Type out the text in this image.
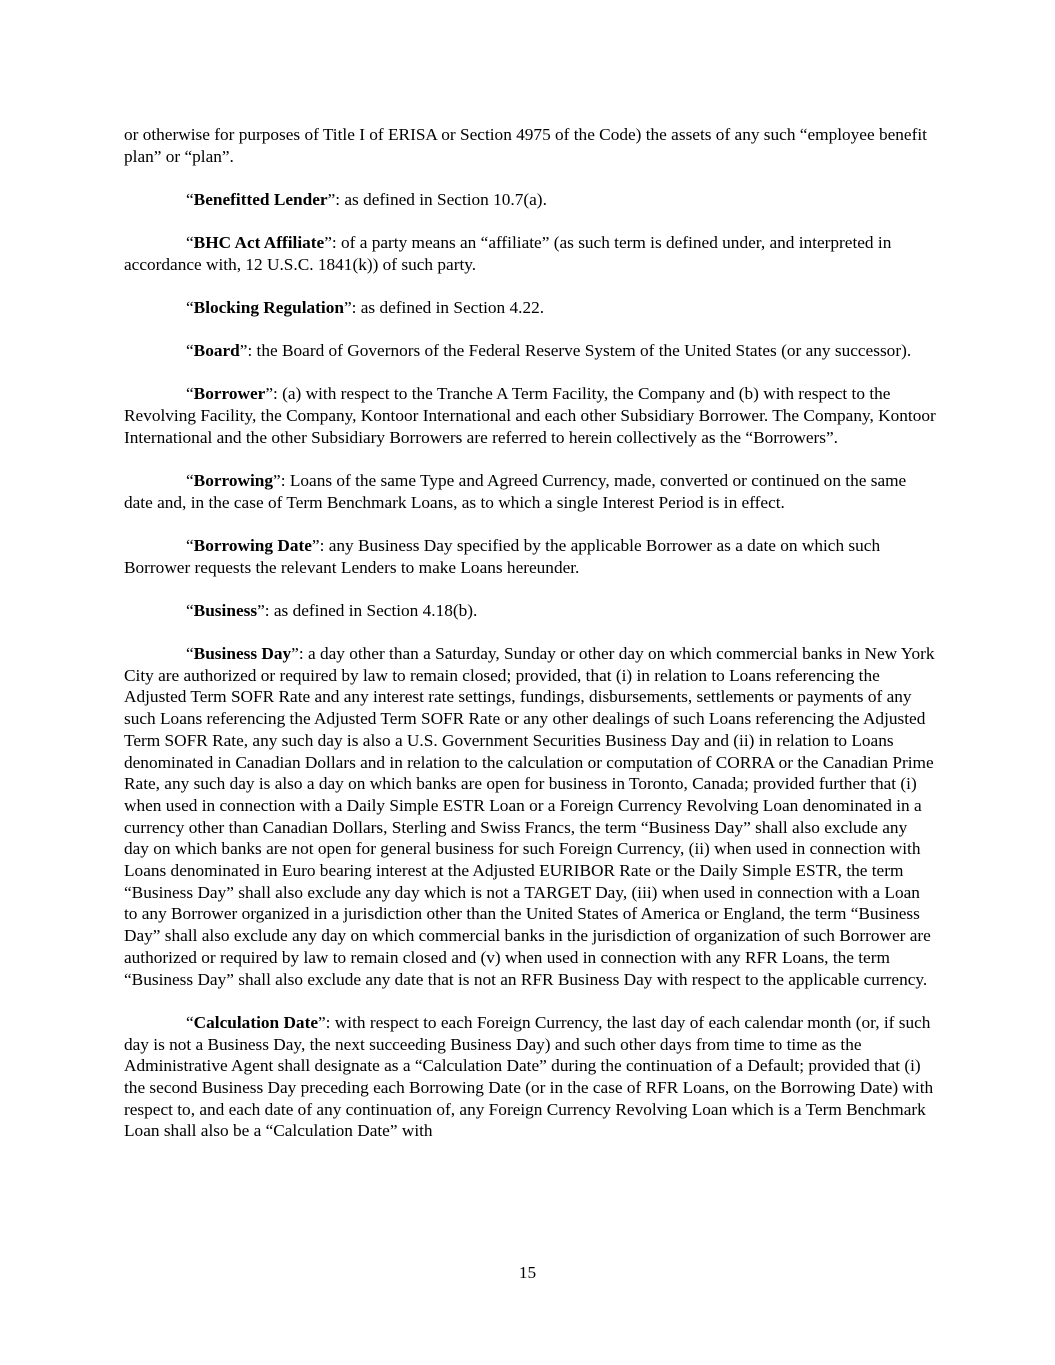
or otherwise for purposes of Title I of ERISA or Section 4975 of the Code) the assets of any such “employee benefit plan” or “plan”.

“Benefitted Lender”: as defined in Section 10.7(a).

“BHC Act Affiliate”: of a party means an “affiliate” (as such term is defined under, and interpreted in accordance with, 12 U.S.C. 1841(k)) of such party.

“Blocking Regulation”: as defined in Section 4.22.

“Board”: the Board of Governors of the Federal Reserve System of the United States (or any successor).

“Borrower”: (a) with respect to the Tranche A Term Facility, the Company and (b) with respect to the Revolving Facility, the Company, Kontoor International and each other Subsidiary Borrower. The Company, Kontoor International and the other Subsidiary Borrowers are referred to herein collectively as the “Borrowers”.

“Borrowing”: Loans of the same Type and Agreed Currency, made, converted or continued on the same date and, in the case of Term Benchmark Loans, as to which a single Interest Period is in effect.

“Borrowing Date”: any Business Day specified by the applicable Borrower as a date on which such Borrower requests the relevant Lenders to make Loans hereunder.

“Business”: as defined in Section 4.18(b).

“Business Day”: a day other than a Saturday, Sunday or other day on which commercial banks in New York City are authorized or required by law to remain closed; provided, that (i) in relation to Loans referencing the Adjusted Term SOFR Rate and any interest rate settings, fundings, disbursements, settlements or payments of any such Loans referencing the Adjusted Term SOFR Rate or any other dealings of such Loans referencing the Adjusted Term SOFR Rate, any such day is also a U.S. Government Securities Business Day and (ii) in relation to Loans denominated in Canadian Dollars and in relation to the calculation or computation of CORRA or the Canadian Prime Rate, any such day is also a day on which banks are open for business in Toronto, Canada; provided further that (i) when used in connection with a Daily Simple ESTR Loan or a Foreign Currency Revolving Loan denominated in a currency other than Canadian Dollars, Sterling and Swiss Francs, the term “Business Day” shall also exclude any day on which banks are not open for general business for such Foreign Currency, (ii) when used in connection with Loans denominated in Euro bearing interest at the Adjusted EURIBOR Rate or the Daily Simple ESTR, the term “Business Day” shall also exclude any day which is not a TARGET Day, (iii) when used in connection with a Loan to any Borrower organized in a jurisdiction other than the United States of America or England, the term “Business Day” shall also exclude any day on which commercial banks in the jurisdiction of organization of such Borrower are authorized or required by law to remain closed and (v) when used in connection with any RFR Loans, the term “Business Day” shall also exclude any date that is not an RFR Business Day with respect to the applicable currency.

“Calculation Date”: with respect to each Foreign Currency, the last day of each calendar month (or, if such day is not a Business Day, the next succeeding Business Day) and such other days from time to time as the Administrative Agent shall designate as a “Calculation Date” during the continuation of a Default; provided that (i) the second Business Day preceding each Borrowing Date (or in the case of RFR Loans, on the Borrowing Date) with respect to, and each date of any continuation of, any Foreign Currency Revolving Loan which is a Term Benchmark Loan shall also be a “Calculation Date” with

15
